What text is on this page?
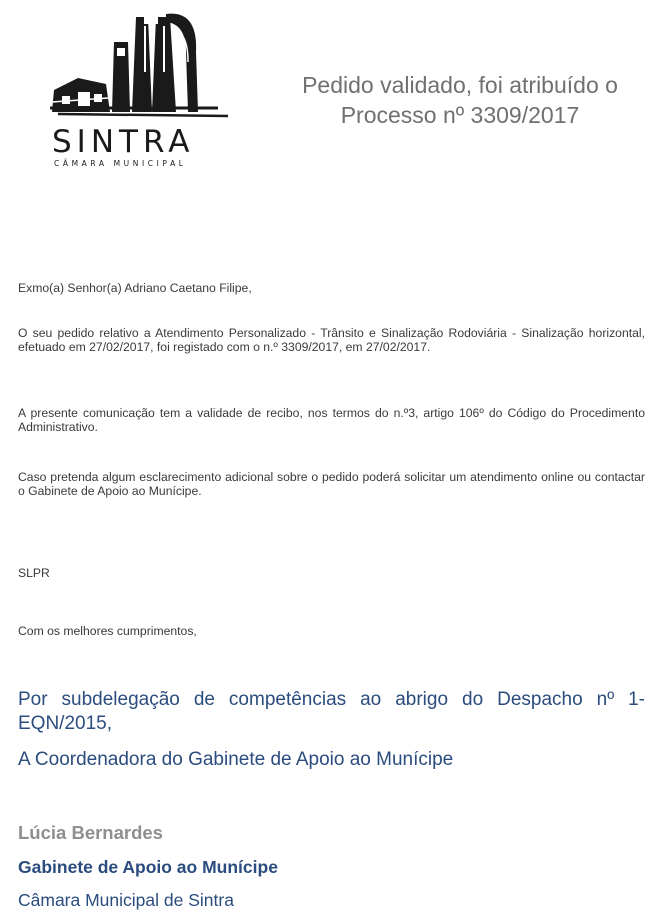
SINTRA
CÂMARA MUNICIPAL
Pedido validado, foi atribuído o Processo nº 3309/2017
Exmo(a) Senhor(a) Adriano Caetano Filipe,
O seu pedido relativo a Atendimento Personalizado - Trânsito e Sinalização Rodoviária - Sinalização horizontal, efetuado em 27/02/2017, foi registado com o n.º 3309/2017, em 27/02/2017.
A presente comunicação tem a validade de recibo, nos termos do n.º3, artigo 106º do Código do Procedimento Administrativo.
Caso pretenda algum esclarecimento adicional sobre o pedido poderá solicitar um atendimento online ou contactar o Gabinete de Apoio ao Munícipe.
SLPR
Com os melhores cumprimentos,
Por subdelegação de competências ao abrigo do Despacho nº 1-EQN/2015,
A Coordenadora do Gabinete de Apoio ao Munícipe
Lúcia Bernardes
Gabinete de Apoio ao Munícipe
Câmara Municipal de Sintra
